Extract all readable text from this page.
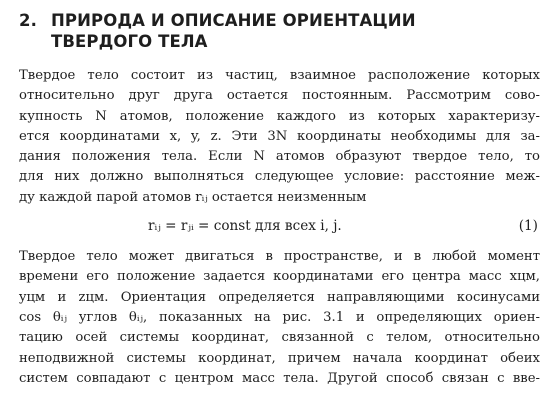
2. ПРИРОДА И ОПИСАНИЕ ОРИЕНТАЦИИ
ТВЕРДОГО ТЕЛА

Твердое тело состоит из частиц, взаимное расположение которых
относительно друг друга остается постоянным. Рассмотрим сово-
купность N атомов, положение каждого из которых характеризу-
ется координатами x, y, z. Эти 3N координаты необходимы для за-
дания положения тела. Если N атомов образуют твердое тело, то
для них должно выполняться следующее условие: расстояние меж-
ду каждой парой атомов rᵢⱼ остается неизменным

rᵢⱼ = rⱼᵢ = const для всех i, j.	(1)

Твердое тело может двигаться в пространстве, и в любой момент
времени его положение задается координатами его центра масс xцм,
yцм и zцм. Ориентация определяется направляющими косинусами
cos θᵢⱼ углов θᵢⱼ, показанных на рис. 3.1 и определяющих ориен-
тацию осей системы координат, связанной с телом, относительно
неподвижной системы координат, причем начала координат обеих
систем совпадают с центром масс тела. Другой способ связан с вве-
